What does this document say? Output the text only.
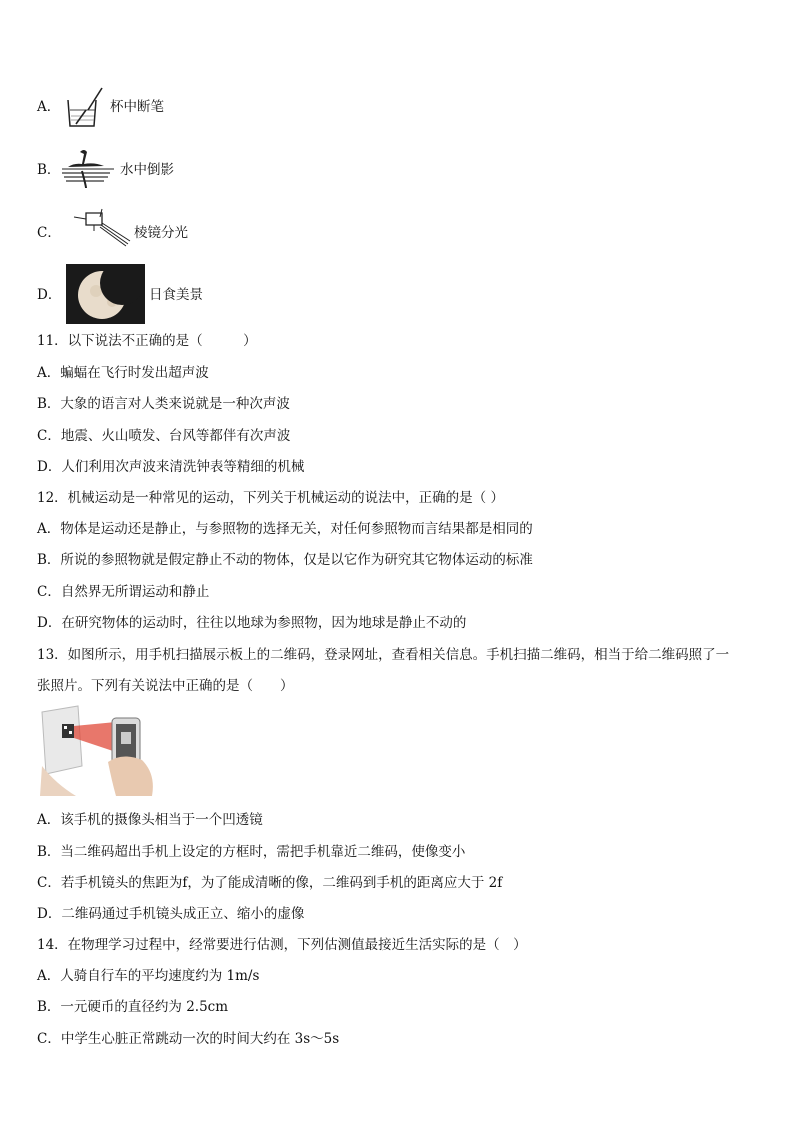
A．	杯中断笔
B．	水中倒影
C．	棱镜分光
D．	日食美景
11．以下说法不正确的是（　　　）
A．蝙蝠在飞行时发出超声波
B．大象的语言对人类来说就是一种次声波
C．地震、火山喷发、台风等都伴有次声波
D．人们利用次声波来清洗钟表等精细的机械
12．机械运动是一种常见的运动，下列关于机械运动的说法中，正确的是（ ）
A．物体是运动还是静止，与参照物的选择无关，对任何参照物而言结果都是相同的
B．所说的参照物就是假定静止不动的物体，仅是以它作为研究其它物体运动的标准
C．自然界无所谓运动和静止
D．在研究物体的运动时，往往以地球为参照物，因为地球是静止不动的
13．如图所示，用手机扫描展示板上的二维码，登录网址，查看相关信息。手机扫描二维码，相当于给二维码照了一
张照片。下列有关说法中正确的是（　　）
A．该手机的摄像头相当于一个凹透镜
B．当二维码超出手机上设定的方框时，需把手机靠近二维码，使像变小
C．若手机镜头的焦距为f，为了能成清晰的像，二维码到手机的距离应大于 2f
D．二维码通过手机镜头成正立、缩小的虚像
14．在物理学习过程中，经常要进行估测，下列估测值最接近生活实际的是（　）
A．人骑自行车的平均速度约为 1m/s
B．一元硬币的直径约为 2.5cm
C．中学生心脏正常跳动一次的时间大约在 3s～5s
